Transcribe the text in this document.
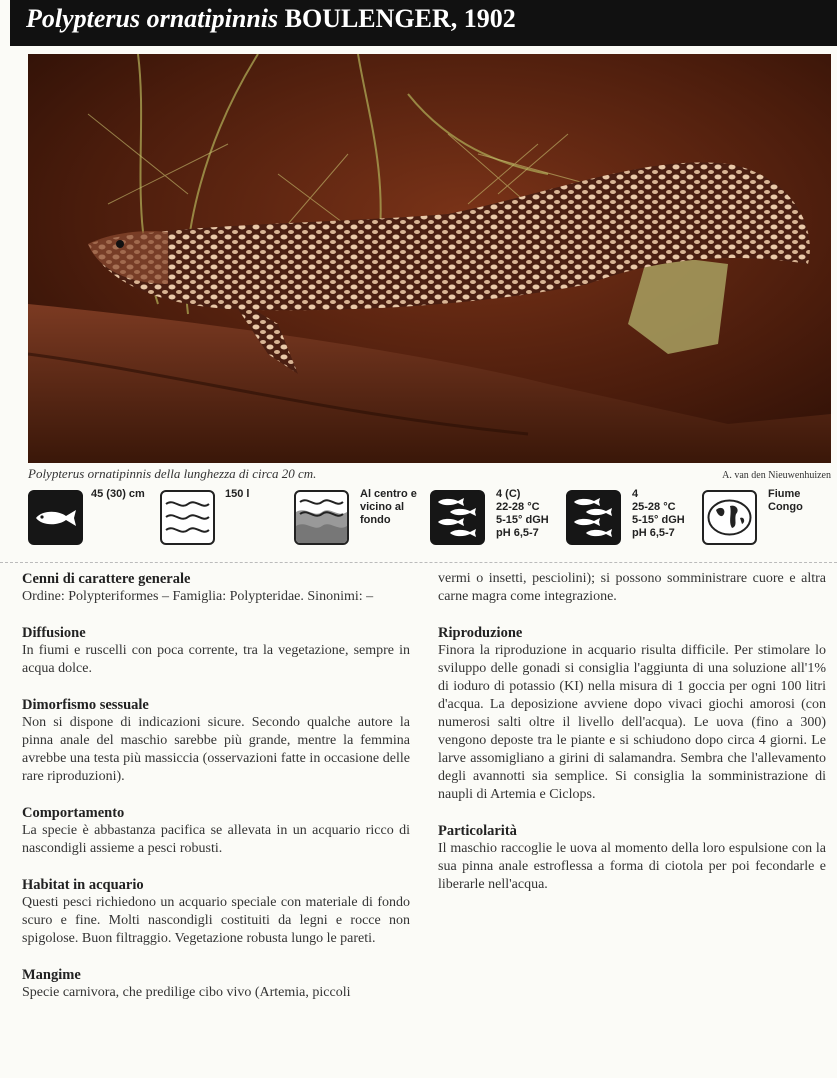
Polypterus ornatipinnis BOULENGER, 1902
Polypterus ornatipinnis della lunghezza di circa 20 cm.	A. van den Nieuwenhuizen
45 (30) cm	150 l	Al centro e
vicino al
fondo
4 (C)
22-28 °C
5-15° dGH
pH 6,5-7
4
25-28 °C
5-15° dGH
pH 6,5-7
Fiume
Congo

Cenni di carattere generale

Ordine: Polypteriformes – Famiglia: Polypteridae. Sinonimi: –

Diffusione

In fiumi e ruscelli con poca corrente, tra la vegetazione, sempre in acqua dolce.

Dimorfismo sessuale

Non si dispone di indicazioni sicure. Secondo qualche autore la pinna anale del maschio sarebbe più grande, mentre la femmina avrebbe una testa più massiccia (osservazioni fatte in occasione delle rare riproduzioni).

Comportamento

La specie è abbastanza pacifica se allevata in un acquario ricco di nascondigli assieme a pesci robusti.

Habitat in acquario

Questi pesci richiedono un acquario speciale con materiale di fondo scuro e fine. Molti nascondigli costituiti da legni e rocce non spigolose. Buon filtraggio. Vegetazione robusta lungo le pareti.

Mangime

Specie carnivora, che predilige cibo vivo (Artemia, piccoli

vermi o insetti, pesciolini); si possono somministrare cuore e altra carne magra come integrazione.

Riproduzione

Finora la riproduzione in acquario risulta difficile. Per stimolare lo sviluppo delle gonadi si consiglia l'aggiunta di una soluzione all'1% di ioduro di potassio (KI) nella misura di 1 goccia per ogni 100 litri d'acqua. La deposizione avviene dopo vivaci giochi amorosi (con numerosi salti oltre il livello dell'acqua). Le uova (fino a 300) vengono deposte tra le piante e si schiudono dopo circa 4 giorni. Le larve assomigliano a girini di salamandra. Sembra che l'allevamento degli avannotti sia semplice. Si consiglia la somministrazione di naupli di Artemia e Ciclops.

Particolarità

Il maschio raccoglie le uova al momento della loro espulsione con la sua pinna anale estroflessa a forma di ciotola per poi fecondarle e liberarle nell'acqua.
